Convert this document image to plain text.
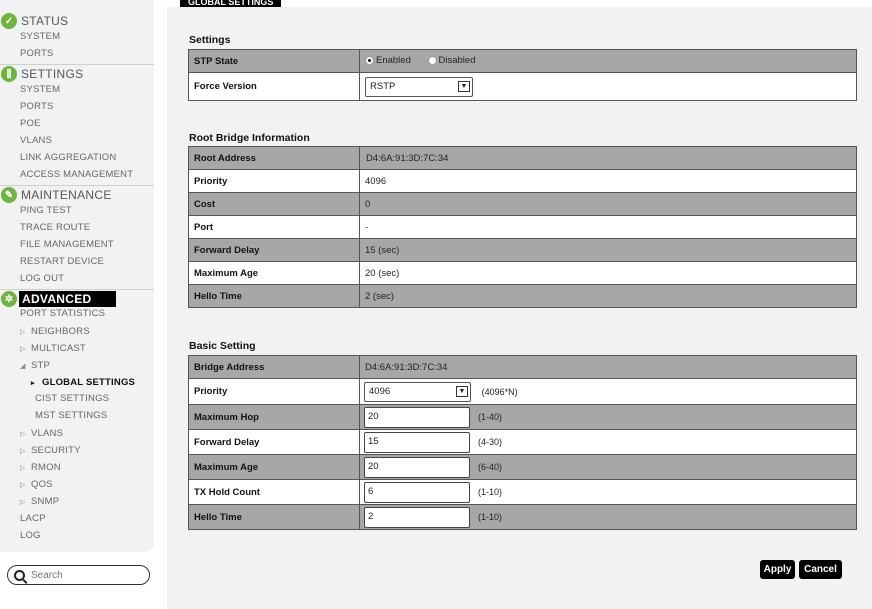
✓ STATUS
SYSTEM
PORTS
⫼ SETTINGS
SYSTEM
PORTS
POE
VLANS
LINK AGGREGATION
ACCESS MANAGEMENT
✎ MAINTENANCE
PING TEST
TRACE ROUTE
FILE MANAGEMENT
RESTART DEVICE
LOG OUT
✲ ADVANCED
PORT STATISTICS
▷ NEIGHBORS
▷ MULTICAST
◢ STP
▸ GLOBAL SETTINGS
CIST SETTINGS
MST SETTINGS
▷ VLANS
▷ SECURITY
▷ RMON
▷ QOS
▷ SNMP
LACP
LOG
Search
GLOBAL SETTINGS
Settings
STP State	Enabled
Disabled

Force Version	RSTP ▼
Root Bridge Information
Root Address	D4:6A:91:3D:7C:34
Priority	4096
Cost	0
Port	-
Forward Delay	15 (sec)
Maximum Age	20 (sec)
Hello Time	2 (sec)
Basic Setting
Bridge Address	D4:6A:91:3D:7C:34
Priority	4096 ▼ (4096*N)
Maximum Hop	20 (1-40)
Forward Delay	15 (4-30)
Maximum Age	20 (6-40)
TX Hold Count	6 (1-10)
Hello Time	2 (1-10)
Apply	Cancel
